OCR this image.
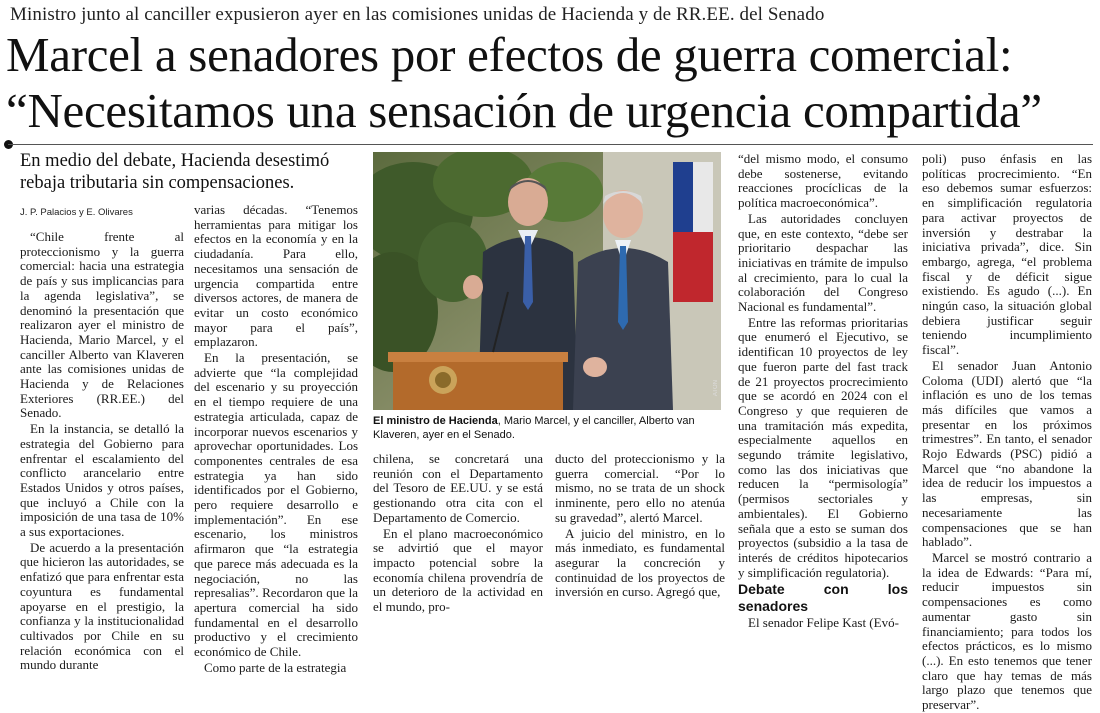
Ministro junto al canciller expusieron ayer en las comisiones unidas de Hacienda y de RR.EE. del Senado
Marcel a senadores por efectos de guerra comercial:
“Necesitamos una sensación de urgencia compartida”
En medio del debate, Hacienda desestimó rebaja tributaria sin compensaciones.
J. P. Palacios y E. Olivares

“Chile frente al proteccionismo y la guerra comercial: hacia una estrategia de país y sus implicancias para la agenda legislativa”, se denominó la presentación que realizaron ayer el ministro de Hacienda, Mario Marcel, y el canciller Alberto van Klaveren ante las comisiones unidas de Hacienda y de Relaciones Exteriores (RR.EE.) del Senado.

En la instancia, se detalló la estrategia del Gobierno para enfrentar el escalamiento del conflicto arancelario entre Estados Unidos y otros países, que incluyó a Chile con la imposición de una tasa de 10% a sus exportaciones.

De acuerdo a la presentación que hicieron las autoridades, se enfatizó que para enfrentar esta coyuntura es fundamental apoyarse en el prestigio, la confianza y la institucionalidad cultivados por Chile en su relación económica con el mundo durante

varias décadas. “Tenemos herramientas para mitigar los efectos en la economía y en la ciudadanía. Para ello, necesitamos una sensación de urgencia compartida entre diversos actores, de manera de evitar un costo económico mayor para el país”, emplazaron.

En la presentación, se advierte que “la complejidad del escenario y su proyección en el tiempo requiere de una estrategia articulada, capaz de incorporar nuevos escenarios y aprovechar oportunidades. Los componentes centrales de esa estrategia ya han sido identificados por el Gobierno, pero requiere desarrollo e implementación”. En ese escenario, los ministros afirmaron que “la estrategia que parece más adecuada es la negociación, no las represalias”. Recordaron que la apertura comercial ha sido fundamental en el desarrollo productivo y el crecimiento económico de Chile.

Como parte de la estrategia

ATON
El ministro de Hacienda, Mario Marcel, y el canciller, Alberto van Klaveren, ayer en el Senado.

chilena, se concretará una reunión con el Departamento del Tesoro de EE.UU. y se está gestionando otra cita con el Departamento de Comercio.

En el plano macroeconómico se advirtió que el mayor impacto potencial sobre la economía chilena provendría de un deterioro de la actividad en el mundo, pro-

ducto del proteccionismo y la guerra comercial. “Por lo mismo, no se trata de un shock inminente, pero ello no atenúa su gravedad”, alertó Marcel.

A juicio del ministro, en lo más inmediato, es fundamental asegurar la concreción y continuidad de los proyectos de inversión en curso. Agregó que,

“del mismo modo, el consumo debe sostenerse, evitando reacciones procíclicas de la política macroeconómica”.

Las autoridades concluyen que, en este contexto, “debe ser prioritario despachar las iniciativas en trámite de impulso al crecimiento, para lo cual la colaboración del Congreso Nacional es fundamental”.

Entre las reformas prioritarias que enumeró el Ejecutivo, se identifican 10 proyectos de ley que fueron parte del fast track de 21 proyectos procrecimiento que se acordó en 2024 con el Congreso y que requieren de una tramitación más expedita, especialmente aquellos en segundo trámite legislativo, como las dos iniciativas que reducen la “permisología” (permisos sectoriales y ambientales). El Gobierno señala que a esto se suman dos proyectos (subsidio a la tasa de interés de créditos hipotecarios y simplificación regulatoria).

Debate con los senadores

El senador Felipe Kast (Evó-

poli) puso énfasis en las políticas procrecimiento. “En eso debemos sumar esfuerzos: en simplificación regulatoria para activar proyectos de inversión y destrabar la iniciativa privada”, dice. Sin embargo, agrega, “el problema fiscal y de déficit sigue existiendo. Es agudo (...). En ningún caso, la situación global debiera justificar seguir teniendo incumplimiento fiscal”.

El senador Juan Antonio Coloma (UDI) alertó que “la inflación es uno de los temas más difíciles que vamos a presentar en los próximos trimestres”. En tanto, el senador Rojo Edwards (PSC) pidió a Marcel que “no abandone la idea de reducir los impuestos a las empresas, sin necesariamente las compensaciones que se han hablado”.

Marcel se mostró contrario a la idea de Edwards: “Para mí, reducir impuestos sin compensaciones es como aumentar gasto sin financiamiento; para todos los efectos prácticos, es lo mismo (...). En esto tenemos que tener claro que hay temas de más largo plazo que tenemos que preservar”.
